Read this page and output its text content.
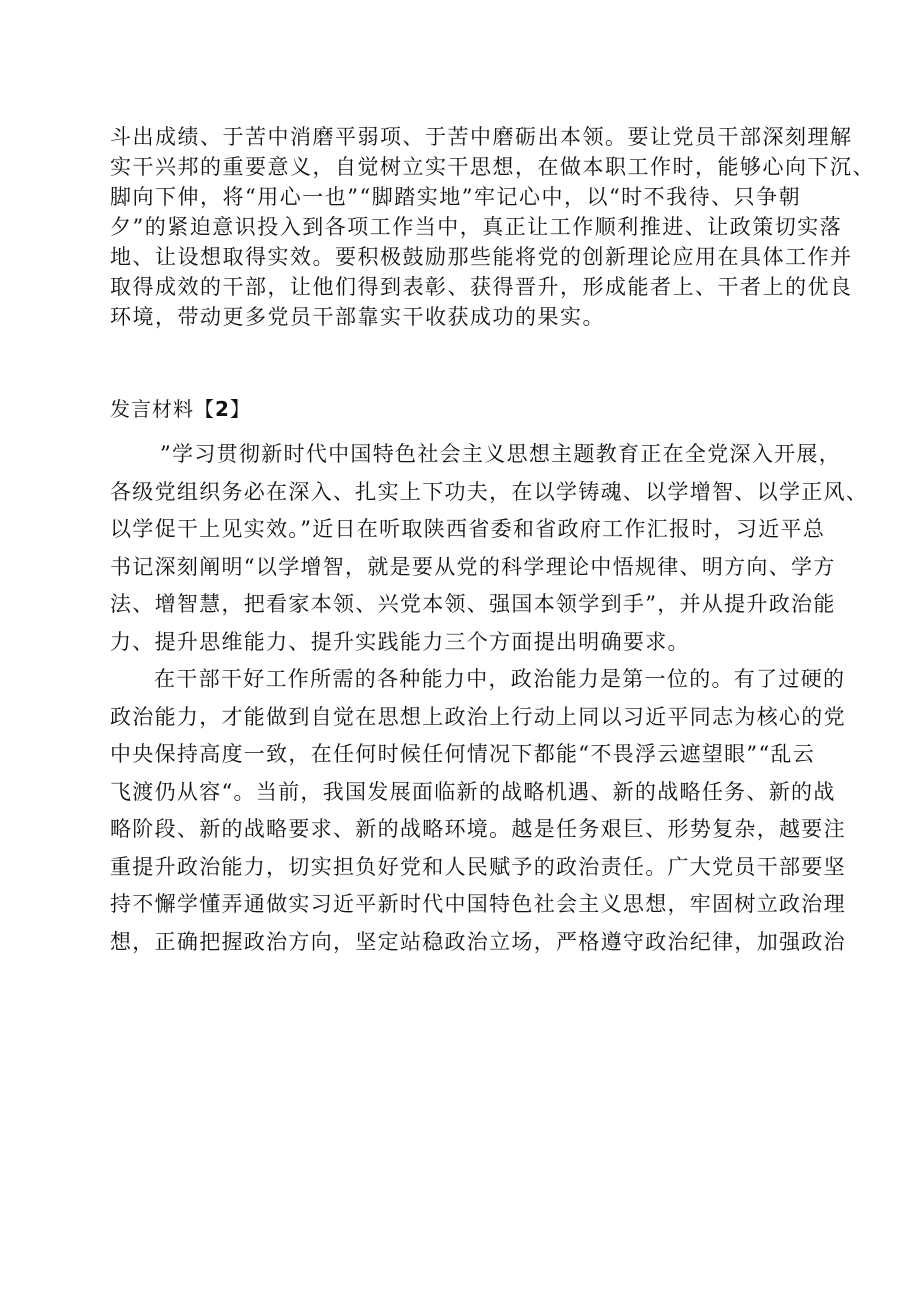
斗出成绩、于苦中消磨平弱项、于苦中磨砺出本领。要让党员干部深刻理解
实干兴邦的重要意义，自觉树立实干思想，在做本职工作时，能够心向下沉、
脚向下伸，将“用心一也”“脚踏实地”牢记心中，以“时不我待、只争朝
夕”的紧迫意识投入到各项工作当中，真正让工作顺利推进、让政策切实落
地、让设想取得实效。要积极鼓励那些能将党的创新理论应用在具体工作并
取得成效的干部，让他们得到表彰、获得晋升，形成能者上、干者上的优良
环境，带动更多党员干部靠实干收获成功的果实。
发言材料【2】
”学习贯彻新时代中国特色社会主义思想主题教育正在全党深入开展，
各级党组织务必在深入、扎实上下功夫，在以学铸魂、以学增智、以学正风、
以学促干上见实效。”近日在听取陕西省委和省政府工作汇报时，习近平总
书记深刻阐明“以学增智，就是要从党的科学理论中悟规律、明方向、学方
法、增智慧，把看家本领、兴党本领、强国本领学到手”，并从提升政治能
力、提升思维能力、提升实践能力三个方面提出明确要求。
在干部干好工作所需的各种能力中，政治能力是第一位的。有了过硬的
政治能力，才能做到自觉在思想上政治上行动上同以习近平同志为核心的党
中央保持高度一致，在任何时候任何情况下都能“不畏浮云遮望眼”“乱云
飞渡仍从容“。当前，我国发展面临新的战略机遇、新的战略任务、新的战
略阶段、新的战略要求、新的战略环境。越是任务艰巨、形势复杂，越要注
重提升政治能力，切实担负好党和人民赋予的政治责任。广大党员干部要坚
持不懈学懂弄通做实习近平新时代中国特色社会主义思想，牢固树立政治理
想，正确把握政治方向，坚定站稳政治立场，严格遵守政治纪律，加强政治
